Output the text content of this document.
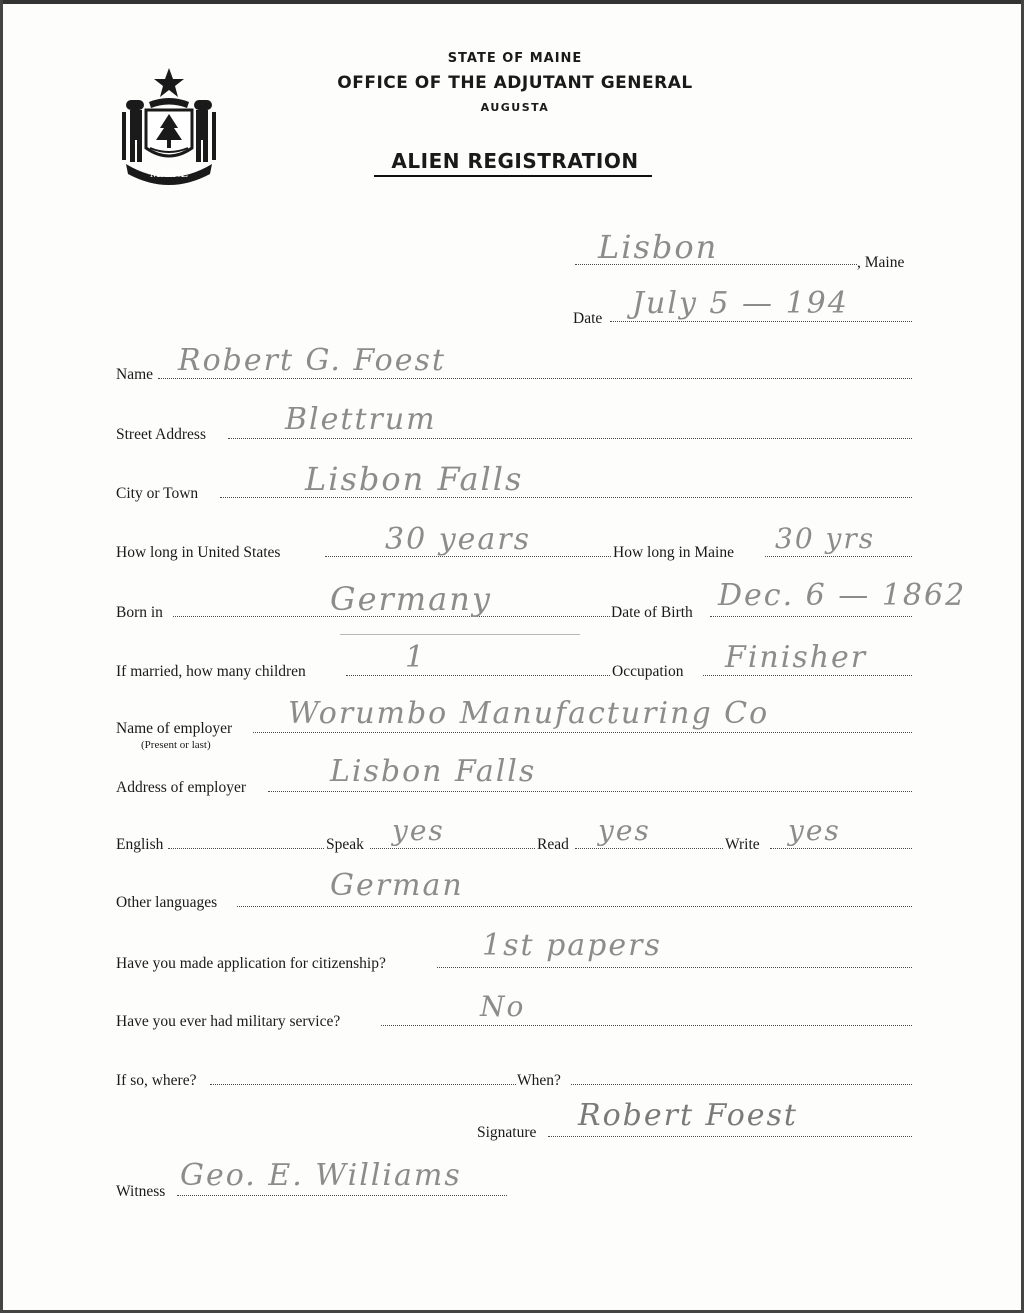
MAINE
STATE OF MAINE
OFFICE OF THE ADJUTANT GENERAL
AUGUSTA
ALIEN REGISTRATION
, Maine
Lisbon
Date July 5 — 194
Name Robert G. Foest
Street Address	Blettrum
City or Town	Lisbon Falls
How long in United States	30 years	How long in Maine 30 yrs
Born in	Germany	Date of Birth Dec. 6 — 1862
If married, how many children	1	Occupation Finisher
Name of employer
(Present or last)
Worumbo Manufacturing Co
Address of employer	Lisbon Falls
English	Speak yes	Read yes	Write yes
Other languages	German
Have you made application for citizenship?
1st papers
Have you ever had military service?	No
If so, where?	When?
Signature Robert Foest
Witness Geo. E. Williams
